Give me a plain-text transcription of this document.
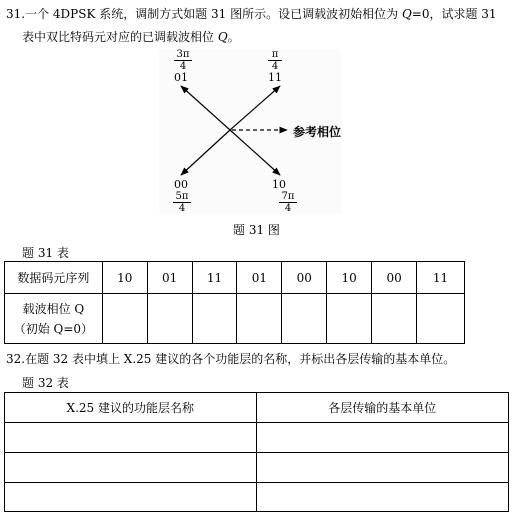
31.一个 4DPSK 系统，调制方式如题 31 图所示。设已调载波初始相位为 Q=0，试求题 31
表中双比特码元对应的已调载波相位 Q。
$\frac{3\pi}{4}$
01
$\frac{\pi}{4}$
11
00
$\frac{5\pi}{4}$
10
$\frac{7\pi}{4}$
参考相位
题 31 图
题 31 表
数据码元序列	10	01	11	01	00	10	00	11

载波相位 Q
（初始 Q=0）								

32.在题 32 表中填上 X.25 建议的各个功能层的名称，并标出各层传输的基本单位。
题 32 表
X.25 建议的功能层名称	各层传输的基本单位
